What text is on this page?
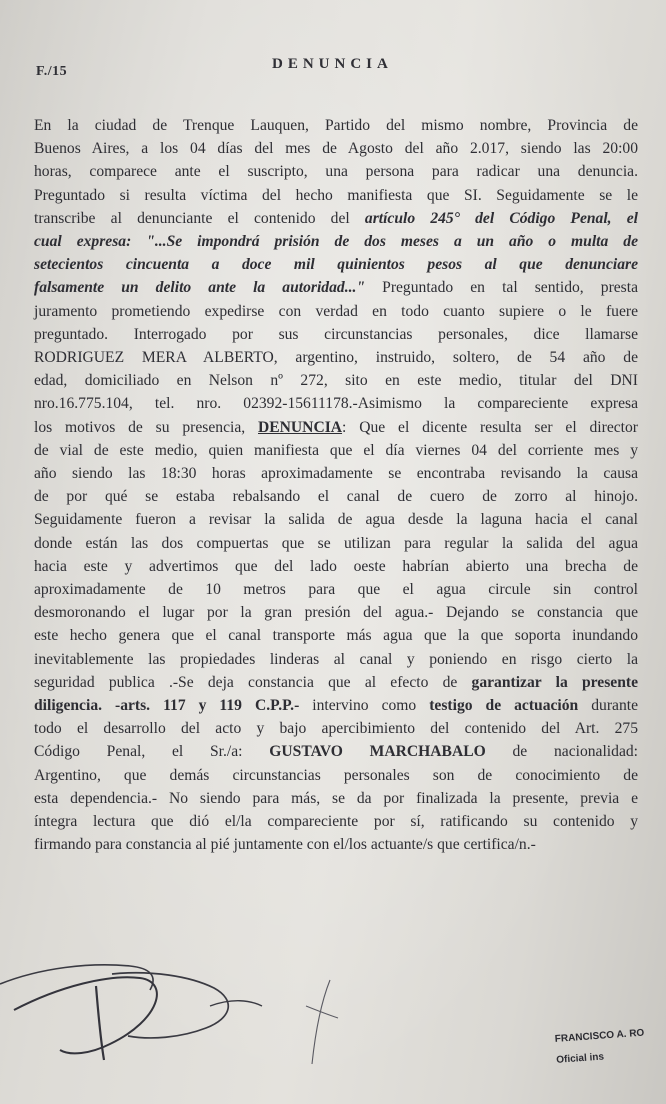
F./15	DENUNCIA
En la ciudad de Trenque Lauquen, Partido del mismo nombre, Provincia de
Buenos Aires, a los 04 días del mes de Agosto del año 2.017, siendo las 20:00
horas, comparece ante el suscripto, una persona para radicar una denuncia.
Preguntado si resulta víctima del hecho manifiesta que SI. Seguidamente se le
transcribe al denunciante el contenido del artículo 245° del Código Penal, el
cual expresa: "...Se impondrá prisión de dos meses a un año o multa de
setecientos cincuenta a doce mil quinientos pesos al que denunciare
falsamente un delito ante la autoridad..." Preguntado en tal sentido, presta
juramento prometiendo expedirse con verdad en todo cuanto supiere o le fuere
preguntado. Interrogado por sus circunstancias personales, dice llamarse
RODRIGUEZ MERA ALBERTO, argentino, instruido, soltero, de 54 año de
edad, domiciliado en Nelson nº 272, sito en este medio, titular del DNI
nro.16.775.104, tel. nro. 02392-15611178.-Asimismo la compareciente expresa
los motivos de su presencia, DENUNCIA: Que el dicente resulta ser el director
de vial de este medio, quien manifiesta que el día viernes 04 del corriente mes y
año siendo las 18:30 horas aproximadamente se encontraba revisando la causa
de por qué se estaba rebalsando el canal de cuero de zorro al hinojo.
Seguidamente fueron a revisar la salida de agua desde la laguna hacia el canal
donde están las dos compuertas que se utilizan para regular la salida del agua
hacia este y advertimos que del lado oeste habrían abierto una brecha de
aproximadamente de 10 metros para que el agua circule sin control
desmoronando el lugar por la gran presión del agua.- Dejando se constancia que
este hecho genera que el canal transporte más agua que la que soporta inundando
inevitablemente las propiedades linderas al canal y poniendo en risgo cierto la
seguridad publica .-Se deja constancia que al efecto de garantizar la presente
diligencia. -arts. 117 y 119 C.P.P.- intervino como testigo de actuación durante
todo el desarrollo del acto y bajo apercibimiento del contenido del Art. 275
Código Penal, el Sr./a: GUSTAVO MARCHABALO de nacionalidad:
Argentino, que demás circunstancias personales son de conocimiento de
esta dependencia.- No siendo para más, se da por finalizada la presente, previa e
íntegra lectura que dió el/la compareciente por sí, ratificando su contenido y
firmando para constancia al pié juntamente con el/los actuante/s que certifica/n.-
FRANCISCO A. RO
Oficial ins
